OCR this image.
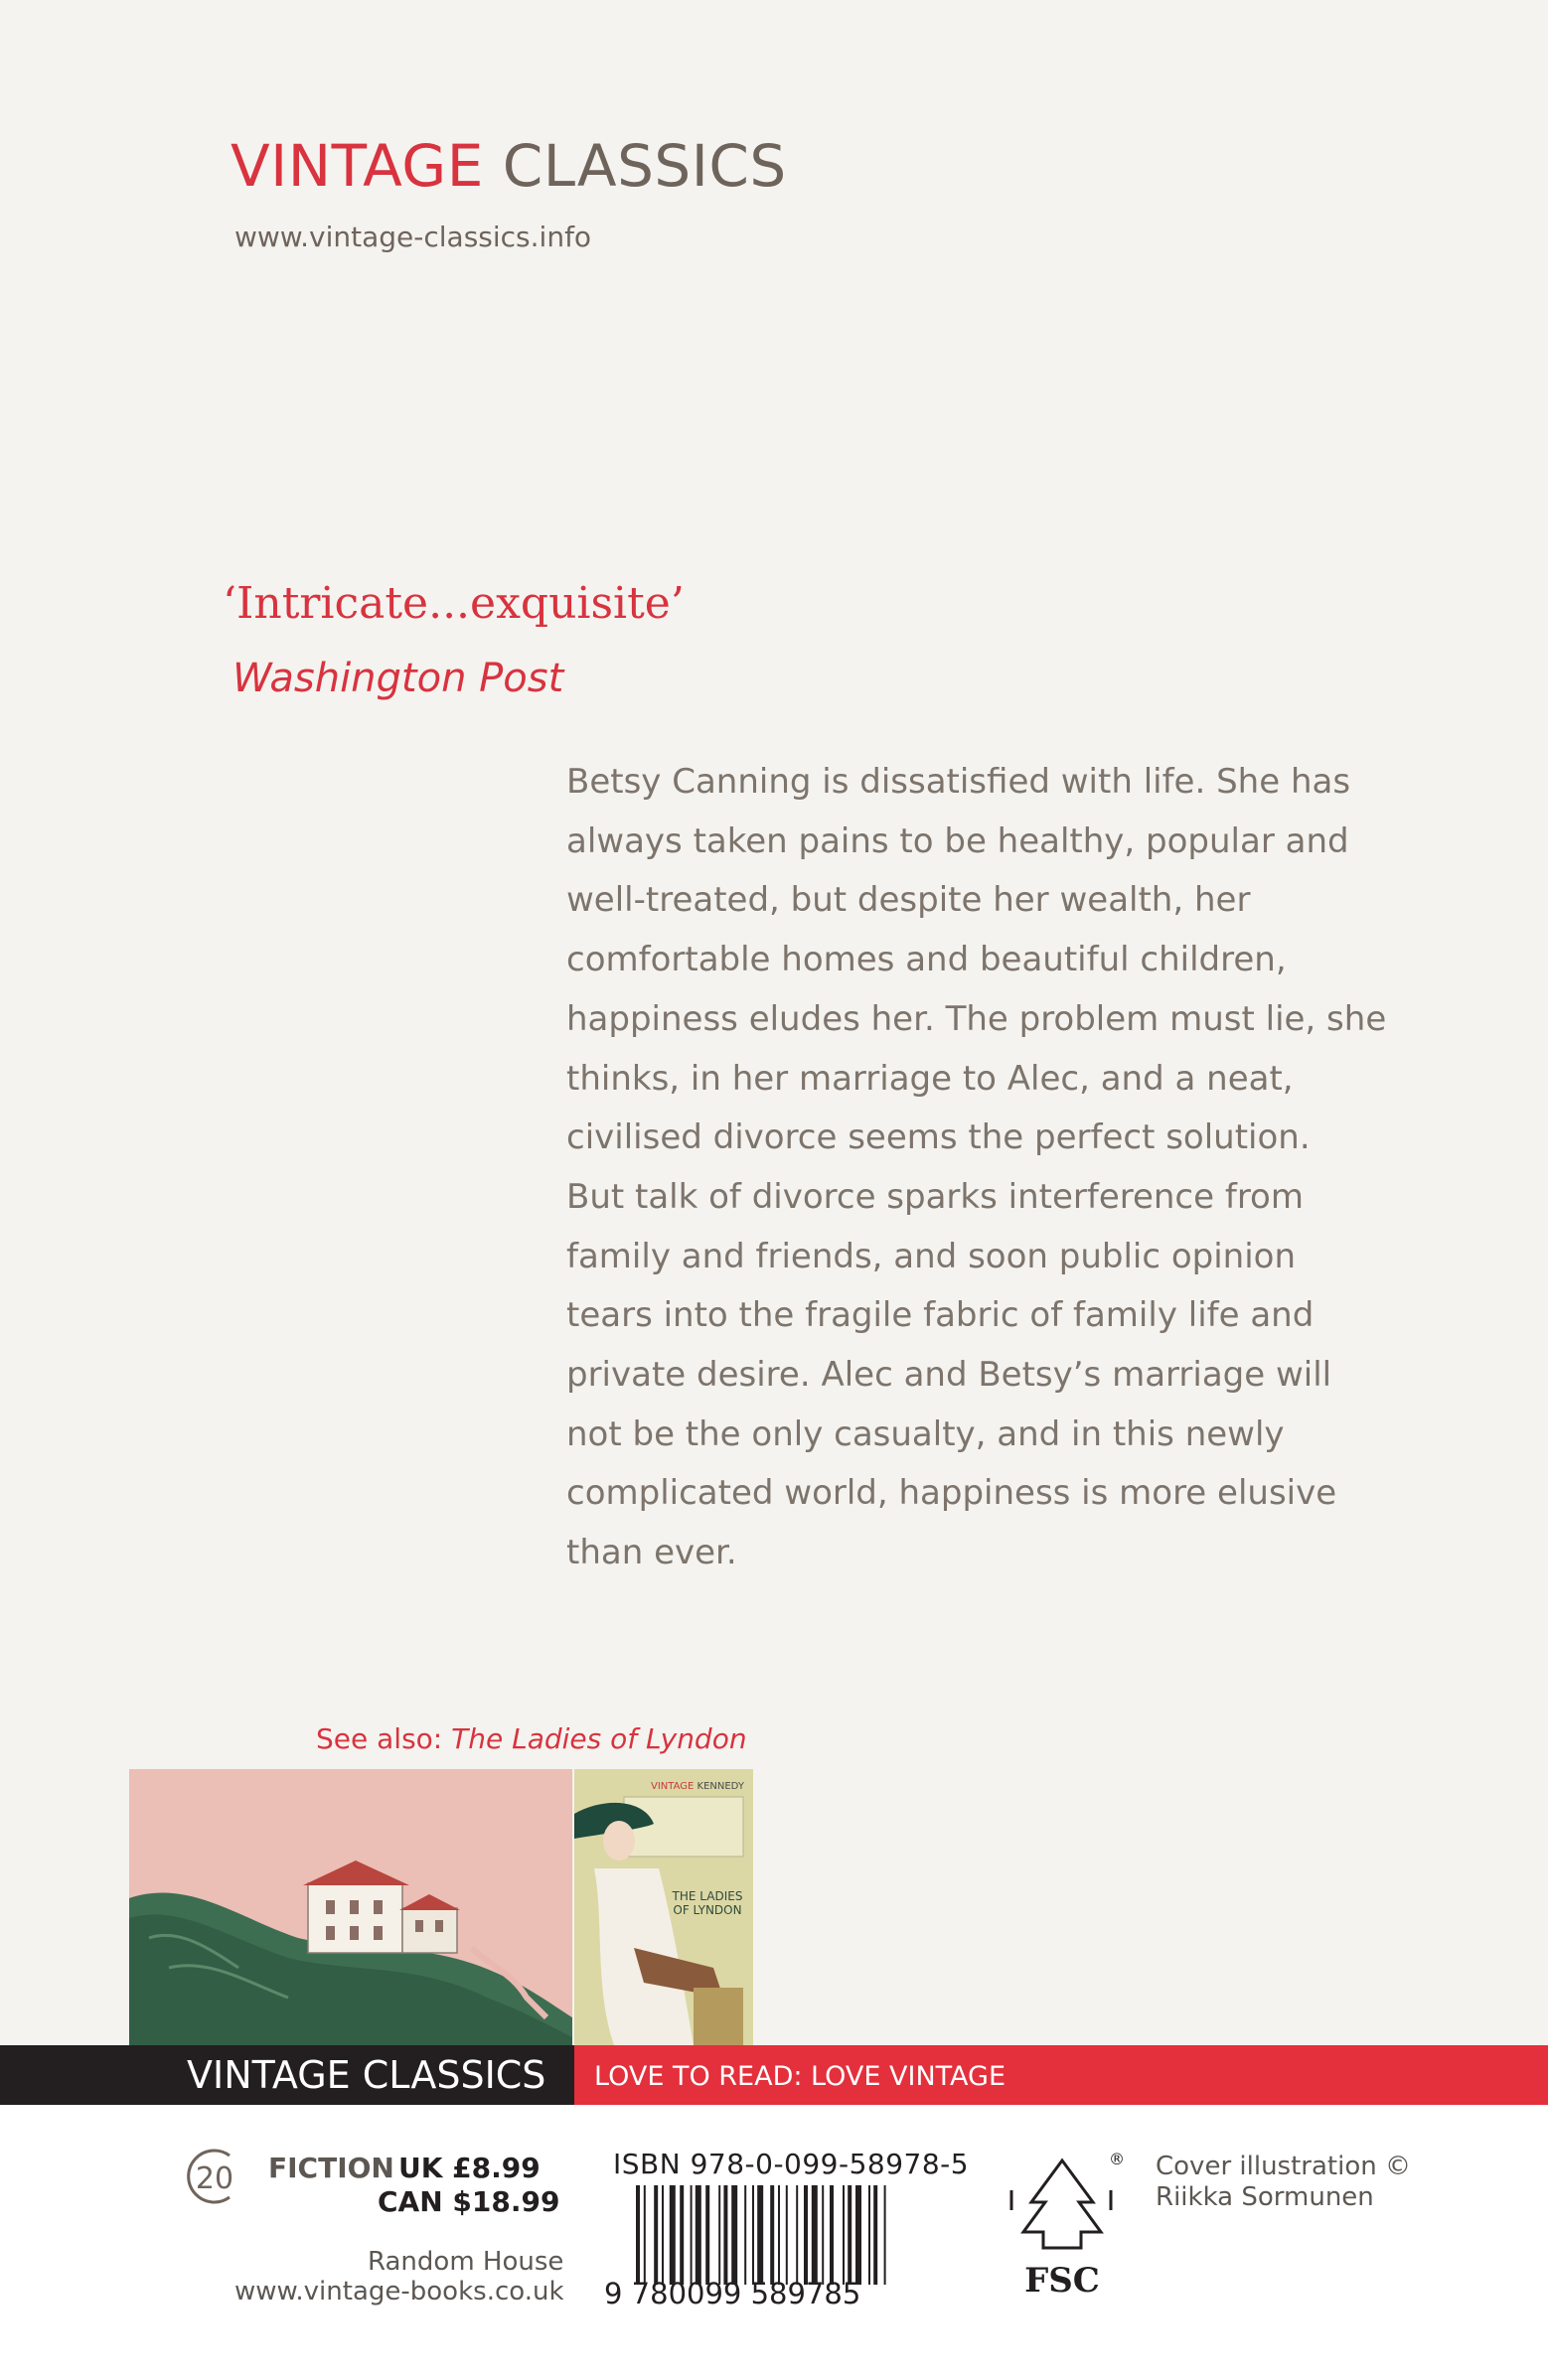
VINTAGE CLASSICS
www.vintage-classics.info
‘Intricate...exquisite’
Washington Post

Betsy Canning is dissatisfied with life. She has

always taken pains to be healthy, popular and

well-treated, but despite her wealth, her

comfortable homes and beautiful children,

happiness eludes her. The problem must lie, she

thinks, in her marriage to Alec, and a neat,

civilised divorce seems the perfect solution.

But talk of divorce sparks interference from

family and friends, and soon public opinion

tears into the fragile fabric of family life and

private desire. Alec and Betsy’s marriage will

not be the only casualty, and in this newly

complicated world, happiness is more elusive

than ever.

See also: The Ladies of Lyndon
VINTAGE KENNEDY
THE LADIES OF LYNDON
VINTAGE CLASSICS LOVE TO READ: LOVE VINTAGE
20 FICTION UK £8.99
CAN $18.99
Random House
www.vintage-books.co.uk
ISBN 978-0-099-58978-5
9 780099 589785
®
FSC
Cover illustration ©
Riikka Sormunen
